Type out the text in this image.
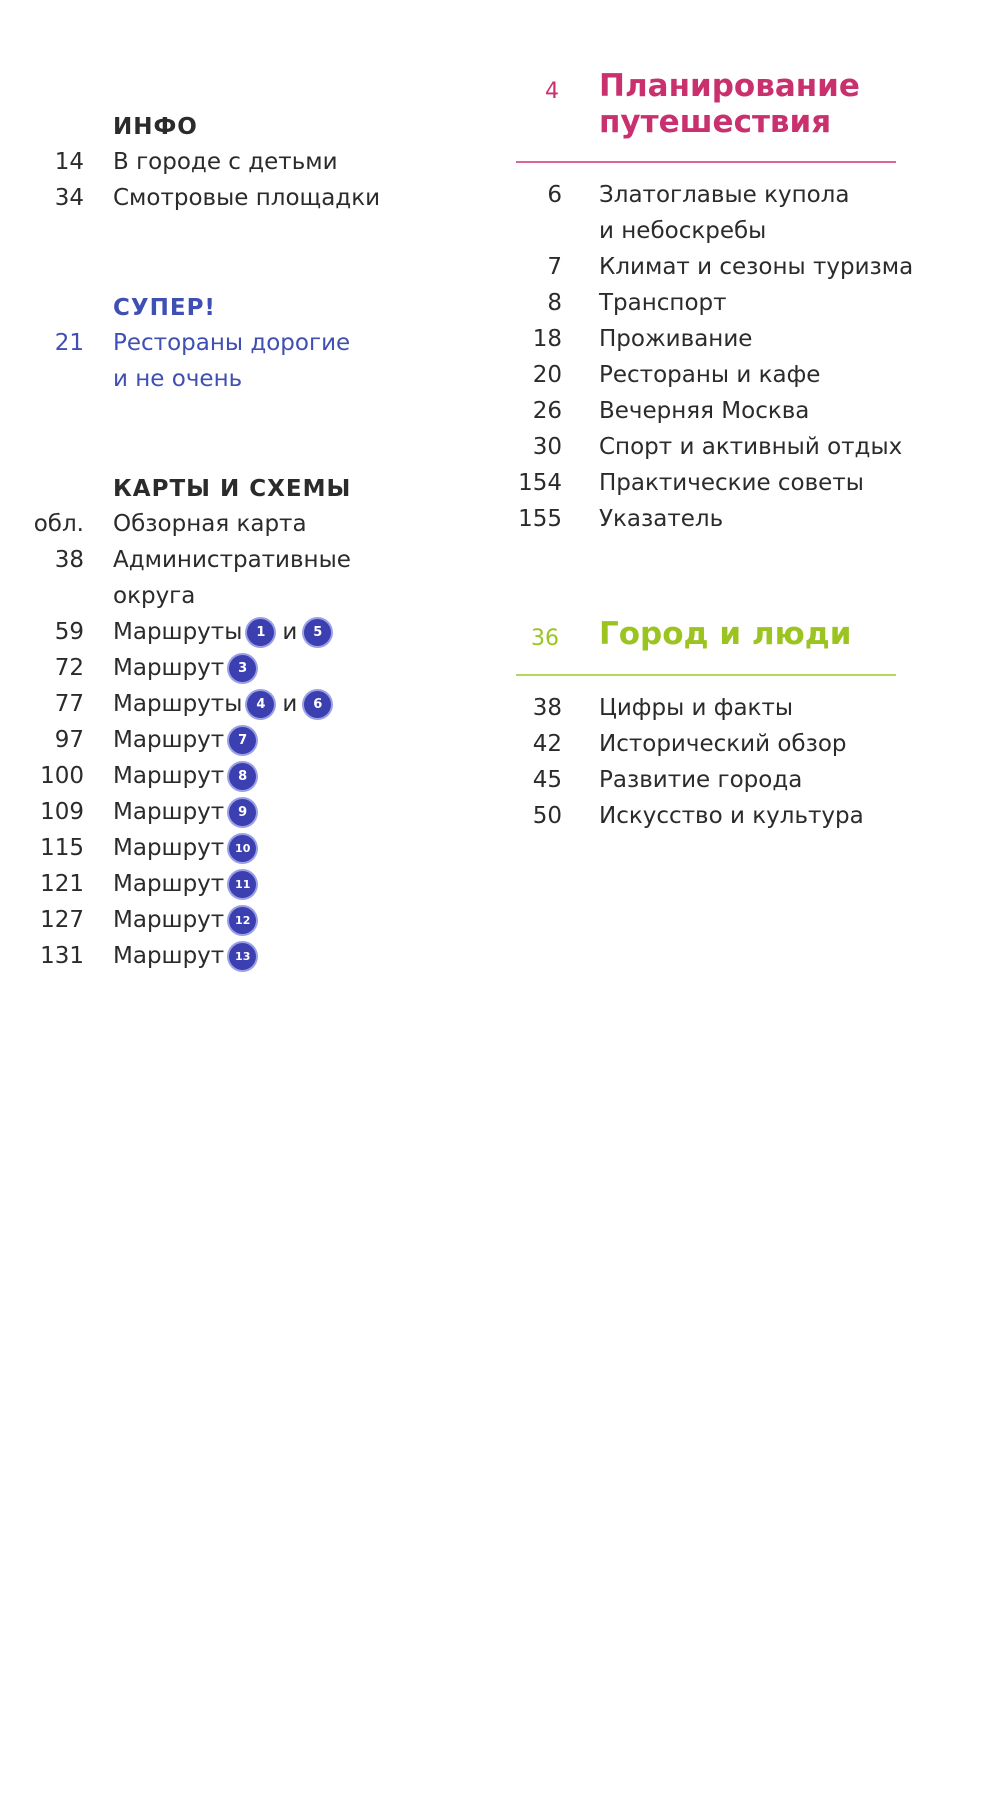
ИНФО
14 В городе с детьми
34 Смотровые площадки
СУПЕР!
21 Рестораны дорогие
и не очень
КАРТЫ И СХЕМЫ
обл. Обзорная карта
38 Административные
округа
59 Маршруты	1 и	5
72 Маршрут	3
77 Маршруты	4 и	6
97 Маршрут	7
100 Маршрут	8
109 Маршрут	9
115 Маршрут 10
121 Маршрут 11
127 Маршрут 12
131 Маршрут 13
4 Планирование
путешествия
6 Златоглавые купола
и небоскребы
7 Климат и сезоны туризма
8 Транспорт
18 Проживание
20 Рестораны и кафе
26 Вечерняя Москва
30 Спорт и активный отдых
154 Практические советы
155 Указатель
36 Город и люди
38 Цифры и факты
42 Исторический обзор
45 Развитие города
50 Искусство и культура
